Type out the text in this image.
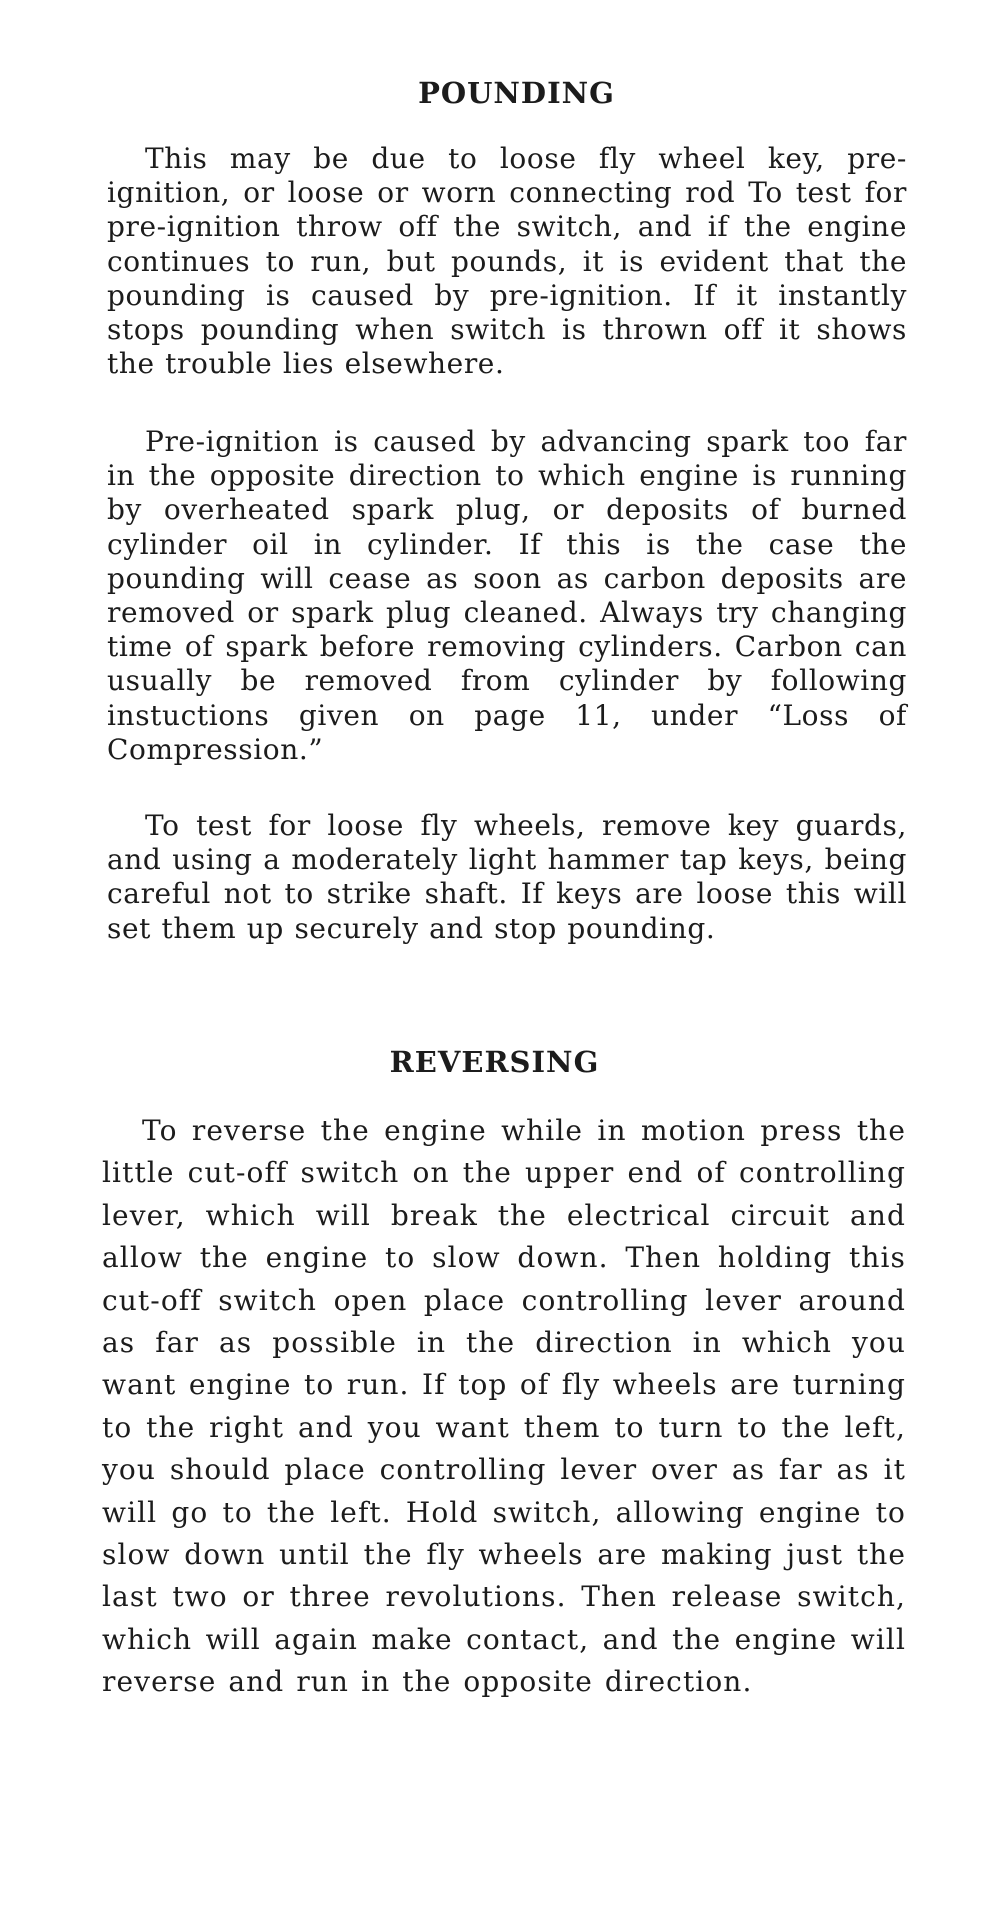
POUNDING

This may be due to loose fly wheel key, pre-ignition, or loose or worn connecting rod To test for pre-ignition throw off the switch, and if the engine continues to run, but pounds, it is evident that the pounding is caused by pre-ignition. If it instantly stops pounding when switch is thrown off it shows the trouble lies elsewhere.

Pre-ignition is caused by advancing spark too far in the opposite direction to which engine is running by overheated spark plug, or deposits of burned cylinder oil in cylinder. If this is the case the pounding will cease as soon as carbon deposits are removed or spark plug cleaned. Always try changing time of spark before removing cylinders. Carbon can usually be removed from cylinder by following instuctions given on page 11, under “Loss of Compression.”

To test for loose fly wheels, remove key guards, and using a moderately light hammer tap keys, being careful not to strike shaft. If keys are loose this will set them up securely and stop pounding.

REVERSING

To reverse the engine while in motion press the little cut-off switch on the upper end of controlling lever, which will break the electrical circuit and allow the engine to slow down. Then holding this cut-off switch open place controlling lever around as far as possible in the direction in which you want engine to run. If top of fly wheels are turning to the right and you want them to turn to the left, you should place controlling lever over as far as it will go to the left. Hold switch, allowing engine to slow down until the fly wheels are making just the last two or three revolutions. Then release switch, which will again make contact, and the engine will reverse and run in the opposite direction.
